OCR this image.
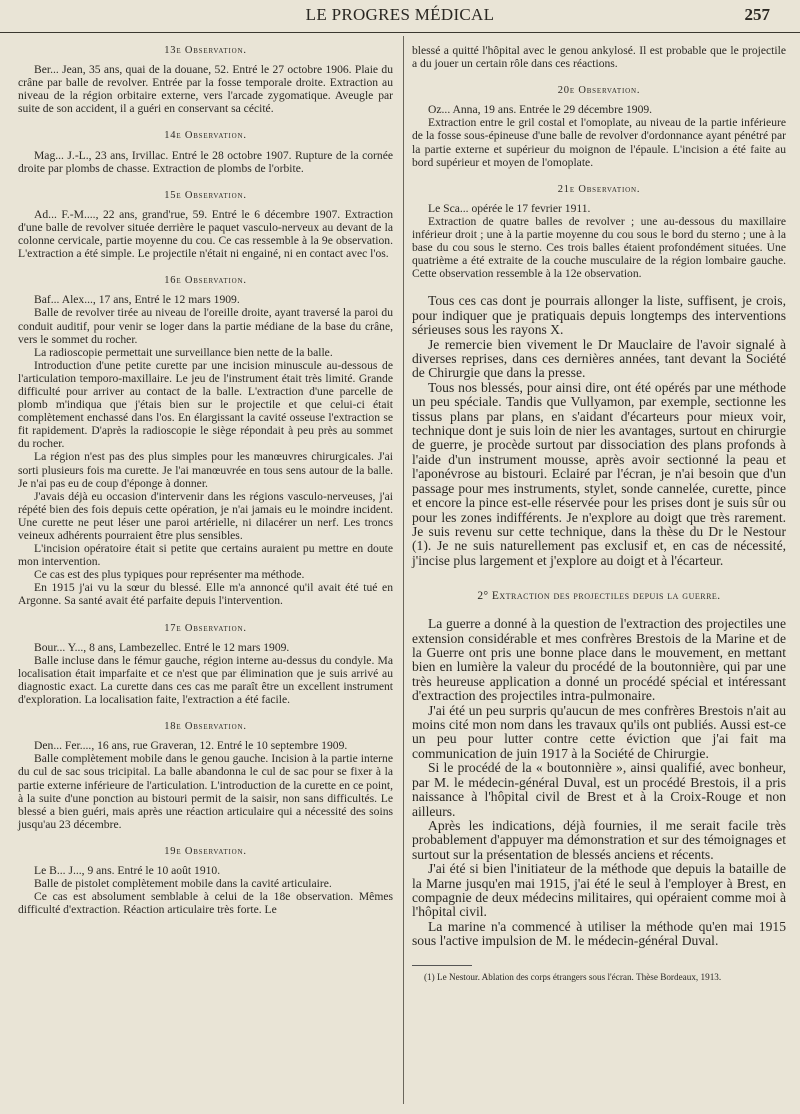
LE PROGRES MÉDICAL	257
13e Observation.

Ber... Jean, 35 ans, quai de la douane, 52. Entré le 27 octobre 1906. Plaie du crâne par balle de revolver. Entrée par la fosse temporale droite. Extraction au niveau de la région orbitaire externe, vers l'arcade zygomatique. Aveugle par suite de son accident, il a guéri en conservant sa cécité.

14e Observation.

Mag... J.-L., 23 ans, Irvillac. Entré le 28 octobre 1907. Rupture de la cornée droite par plombs de chasse. Extraction de plombs de l'orbite.

15e Observation.

Ad... F.-M...., 22 ans, grand'rue, 59. Entré le 6 décembre 1907. Extraction d'une balle de revolver située derrière le paquet vasculo-nerveux au devant de la colonne cervicale, partie moyenne du cou. Ce cas ressemble à la 9e observation. L'extraction a été simple. Le projectile n'était ni engainé, ni en contact avec l'os.

16e Observation.

Baf... Alex..., 17 ans, Entré le 12 mars 1909.

Balle de revolver tirée au niveau de l'oreille droite, ayant traversé la paroi du conduit auditif, pour venir se loger dans la partie médiane de la base du crâne, vers le sommet du rocher.

La radioscopie permettait une surveillance bien nette de la balle.

Introduction d'une petite curette par une incision minuscule au-dessous de l'articulation temporo-maxillaire. Le jeu de l'instrument était très limité. Grande difficulté pour arriver au contact de la balle. L'extraction d'une parcelle de plomb m'indiqua que j'étais bien sur le projectile et que celui-ci était complètement enchassé dans l'os. En élargissant la cavité osseuse l'extraction se fit rapidement. D'après la radioscopie le siège répondait à peu près au sommet du rocher.

La région n'est pas des plus simples pour les manœuvres chirurgicales. J'ai sorti plusieurs fois ma curette. Je l'ai manœuvrée en tous sens autour de la balle. Je n'ai pas eu de coup d'éponge à donner.

J'avais déjà eu occasion d'intervenir dans les régions vasculo-nerveuses, j'ai répété bien des fois depuis cette opération, je n'ai jamais eu le moindre incident. Une curette ne peut léser une paroi artérielle, ni dilacérer un nerf. Les troncs veineux adhérents pourraient être plus sensibles.

L'incision opératoire était si petite que certains auraient pu mettre en doute mon intervention.

Ce cas est des plus typiques pour représenter ma méthode.

En 1915 j'ai vu la sœur du blessé. Elle m'a annoncé qu'il avait été tué en Argonne. Sa santé avait été parfaite depuis l'intervention.

17e Observation.

Bour... Y..., 8 ans, Lambezellec. Entré le 12 mars 1909.

Balle incluse dans le fémur gauche, région interne au-dessus du condyle. Ma localisation était imparfaite et ce n'est que par élimination que je suis arrivé au diagnostic exact. La curette dans ces cas me paraît être un excellent instrument d'exploration. La localisation faite, l'extraction a été facile.

18e Observation.

Den... Fer...., 16 ans, rue Graveran, 12. Entré le 10 septembre 1909.

Balle complètement mobile dans le genou gauche. Incision à la partie interne du cul de sac sous tricipital. La balle abandonna le cul de sac pour se fixer à la partie externe inférieure de l'articulation. L'introduction de la curette en ce point, à la suite d'une ponction au bistouri permit de la saisir, non sans difficultés. Le blessé a bien guéri, mais après une réaction articulaire qui a nécessité des soins jusqu'au 23 décembre.

19e Observation.

Le B... J..., 9 ans. Entré le 10 août 1910.

Balle de pistolet complètement mobile dans la cavité articulaire.

Ce cas est absolument semblable à celui de la 18e observation. Mêmes difficulté d'extraction. Réaction articulaire très forte. Le

blessé a quitté l'hôpital avec le genou ankylosé. Il est probable que le projectile a du jouer un certain rôle dans ces réactions.

20e Observation.

Oz... Anna, 19 ans. Entrée le 29 décembre 1909.

Extraction entre le gril costal et l'omoplate, au niveau de la partie inférieure de la fosse sous-épineuse d'une balle de revolver d'ordonnance ayant pénétré par la partie externe et supérieur du moignon de l'épaule. L'incision a été faite au bord supérieur et moyen de l'omoplate.

21e Observation.

Le Sca... opérée le 17 fevrier 1911.

Extraction de quatre balles de revolver ; une au-dessous du maxillaire inférieur droit ; une à la partie moyenne du cou sous le bord du sterno ; une à la base du cou sous le sterno. Ces trois balles étaient profondément situées. Une quatrième a été extraite de la couche musculaire de la région lombaire gauche. Cette observation ressemble à la 12e observation.

Tous ces cas dont je pourrais allonger la liste, suffisent, je crois, pour indiquer que je pratiquais depuis longtemps des interventions sérieuses sous les rayons X.

Je remercie bien vivement le Dr Mauclaire de l'avoir signalé à diverses reprises, dans ces dernières années, tant devant la Société de Chirurgie que dans la presse.

Tous nos blessés, pour ainsi dire, ont été opérés par une méthode un peu spéciale. Tandis que Vullyamon, par exemple, sectionne les tissus plans par plans, en s'aidant d'écarteurs pour mieux voir, technique dont je suis loin de nier les avantages, surtout en chirurgie de guerre, je procède surtout par dissociation des plans profonds à l'aide d'un instrument mousse, après avoir sectionné la peau et l'aponévrose au bistouri. Eclairé par l'écran, je n'ai besoin que d'un passage pour mes instruments, stylet, sonde cannelée, curette, pince et encore la pince est-elle réservée pour les prises dont je suis sûr ou pour les zones indifférents. Je n'explore au doigt que très rarement. Je suis revenu sur cette technique, dans la thèse du Dr le Nestour (1). Je ne suis naturellement pas exclusif et, en cas de nécessité, j'incise plus largement et j'explore au doigt et à l'écarteur.

2° Extraction des projectiles depuis la guerre.

La guerre a donné à la question de l'extraction des projectiles une extension considérable et mes confrères Brestois de la Marine et de la Guerre ont pris une bonne place dans le mouvement, en mettant bien en lumière la valeur du procédé de la boutonnière, qui par une très heureuse application a donné un procédé spécial et intéressant d'extraction des projectiles intra-pulmonaire.

J'ai été un peu surpris qu'aucun de mes confrères Brestois n'ait au moins cité mon nom dans les travaux qu'ils ont publiés. Aussi est-ce un peu pour lutter contre cette éviction que j'ai fait ma communication de juin 1917 à la Société de Chirurgie.

Si le procédé de la « boutonnière », ainsi qualifié, avec bonheur, par M. le médecin-général Duval, est un procédé Brestois, il a pris naissance à l'hôpital civil de Brest et à la Croix-Rouge et non ailleurs.

Après les indications, déjà fournies, il me serait facile très probablement d'appuyer ma démonstration et sur des témoignages et surtout sur la présentation de blessés anciens et récents.

J'ai été si bien l'initiateur de la méthode que depuis la bataille de la Marne jusqu'en mai 1915, j'ai été le seul à l'employer à Brest, en compagnie de deux médecins militaires, qui opéraient comme moi à l'hôpital civil.

La marine n'a commencé à utiliser la méthode qu'en mai 1915 sous l'active impulsion de M. le médecin-général Duval.

(1) Le Nestour. Ablation des corps étrangers sous l'écran. Thèse Bordeaux, 1913.
